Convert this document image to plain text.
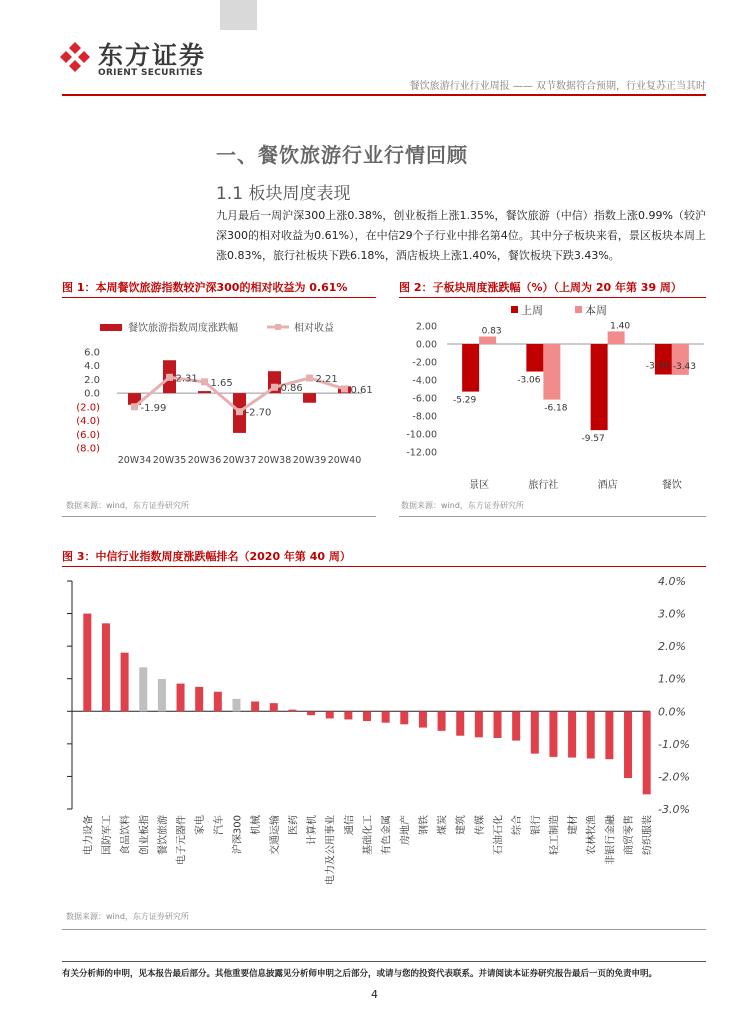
东方证券
ORIENT SECURITIES
餐饮旅游行业行业周报 —— 双节数据符合预期，行业复苏正当其时
一、餐饮旅游行业行情回顾
1.1 板块周度表现
九月最后一周沪深300上涨0.38%，创业板指上涨1.35%，餐饮旅游（中信）指数上涨0.99%（较沪深300的相对收益为0.61%），在中信29个子行业中排名第4位。其中分子板块来看，景区板块本周上涨0.83%，旅行社板块下跌6.18%，酒店板块上涨1.40%，餐饮板块下跌3.43%。
图 1：本周餐饮旅游指数较沪深300的相对收益为 0.61%
餐饮旅游指数周度涨跌幅	相对收益
6.0
4.0
2.0
0.0
(2.0)
(4.0)
(6.0)
(8.0)
-1.99
2.31 1.65
-2.70
0.86
2.21
0.61
20W34 20W35 20W36 20W37 20W38 20W39 20W40
数据来源：wind，东方证券研究所
图 2：子板块周度涨跌幅（%）（上周为 20 年第 39 周）
上周	本周
2.00
0.00
-2.00
-4.00
-6.00
-8.00
-10.00
-12.00
-5.29
-3.06
-9.57
-3.39
0.83
-6.18
1.40
-3.43
景区	旅行社	酒店	餐饮
数据来源：wind，东方证券研究所
图 3：中信行业指数周度涨跌幅排名（2020 年第 40 周）
4.0%
3.0%
2.0%
1.0%
0.0%
-1.0%
-2.0%
-3.0%
电力设备 国防军工 食品饮料 创业板指 餐饮旅游 电子元器件 家电 汽车 沪深300 机械 交通运输 医药 计算机 电力及公用事业 通信 基础化工 有色金属 房地产 钢铁 煤炭 建筑 传媒 石油石化 综合 银行 轻工制造 建材 农林牧渔 非银行金融 商贸零售 纺织服装
数据来源：wind，东方证券研究所
有关分析师的申明，见本报告最后部分。其他重要信息披露见分析师申明之后部分，或请与您的投资代表联系。并请阅读本证券研究报告最后一页的免责申明。
4
